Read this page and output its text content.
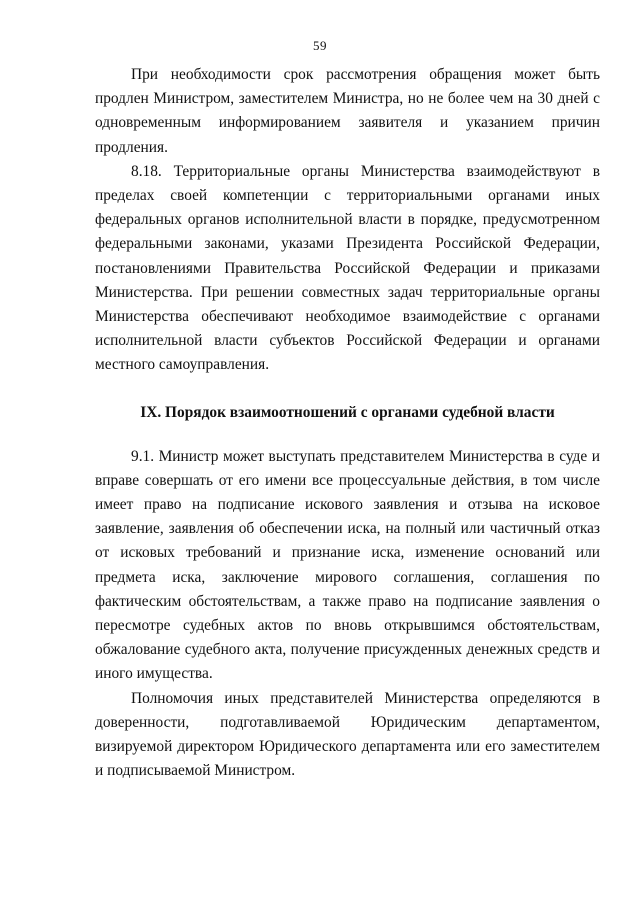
59

При необходимости срок рассмотрения обращения может быть продлен Министром, заместителем Министра, но не более чем на 30 дней с одновременным информированием заявителя и указанием причин продления.

8.18. Территориальные органы Министерства взаимодействуют в пределах своей компетенции с территориальными органами иных федеральных органов исполнительной власти в порядке, предусмотренном федеральными законами, указами Президента Российской Федерации, постановлениями Правительства Российской Федерации и приказами Министерства. При решении совместных задач территориальные органы Министерства обеспечивают необходимое взаимодействие с органами исполнительной власти субъектов Российской Федерации и органами местного самоуправления.

IX. Порядок взаимоотношений с органами судебной власти

9.1. Министр может выступать представителем Министерства в суде и вправе совершать от его имени все процессуальные действия, в том числе имеет право на подписание искового заявления и отзыва на исковое заявление, заявления об обеспечении иска, на полный или частичный отказ от исковых требований и признание иска, изменение оснований или предмета иска, заключение мирового соглашения, соглашения по фактическим обстоятельствам, а также право на подписание заявления о пересмотре судебных актов по вновь открывшимся обстоятельствам, обжалование судебного акта, получение присужденных денежных средств и иного имущества.

Полномочия иных представителей Министерства определяются в доверенности, подготавливаемой Юридическим департаментом, визируемой директором Юридического департамента или его заместителем и подписываемой Министром.
